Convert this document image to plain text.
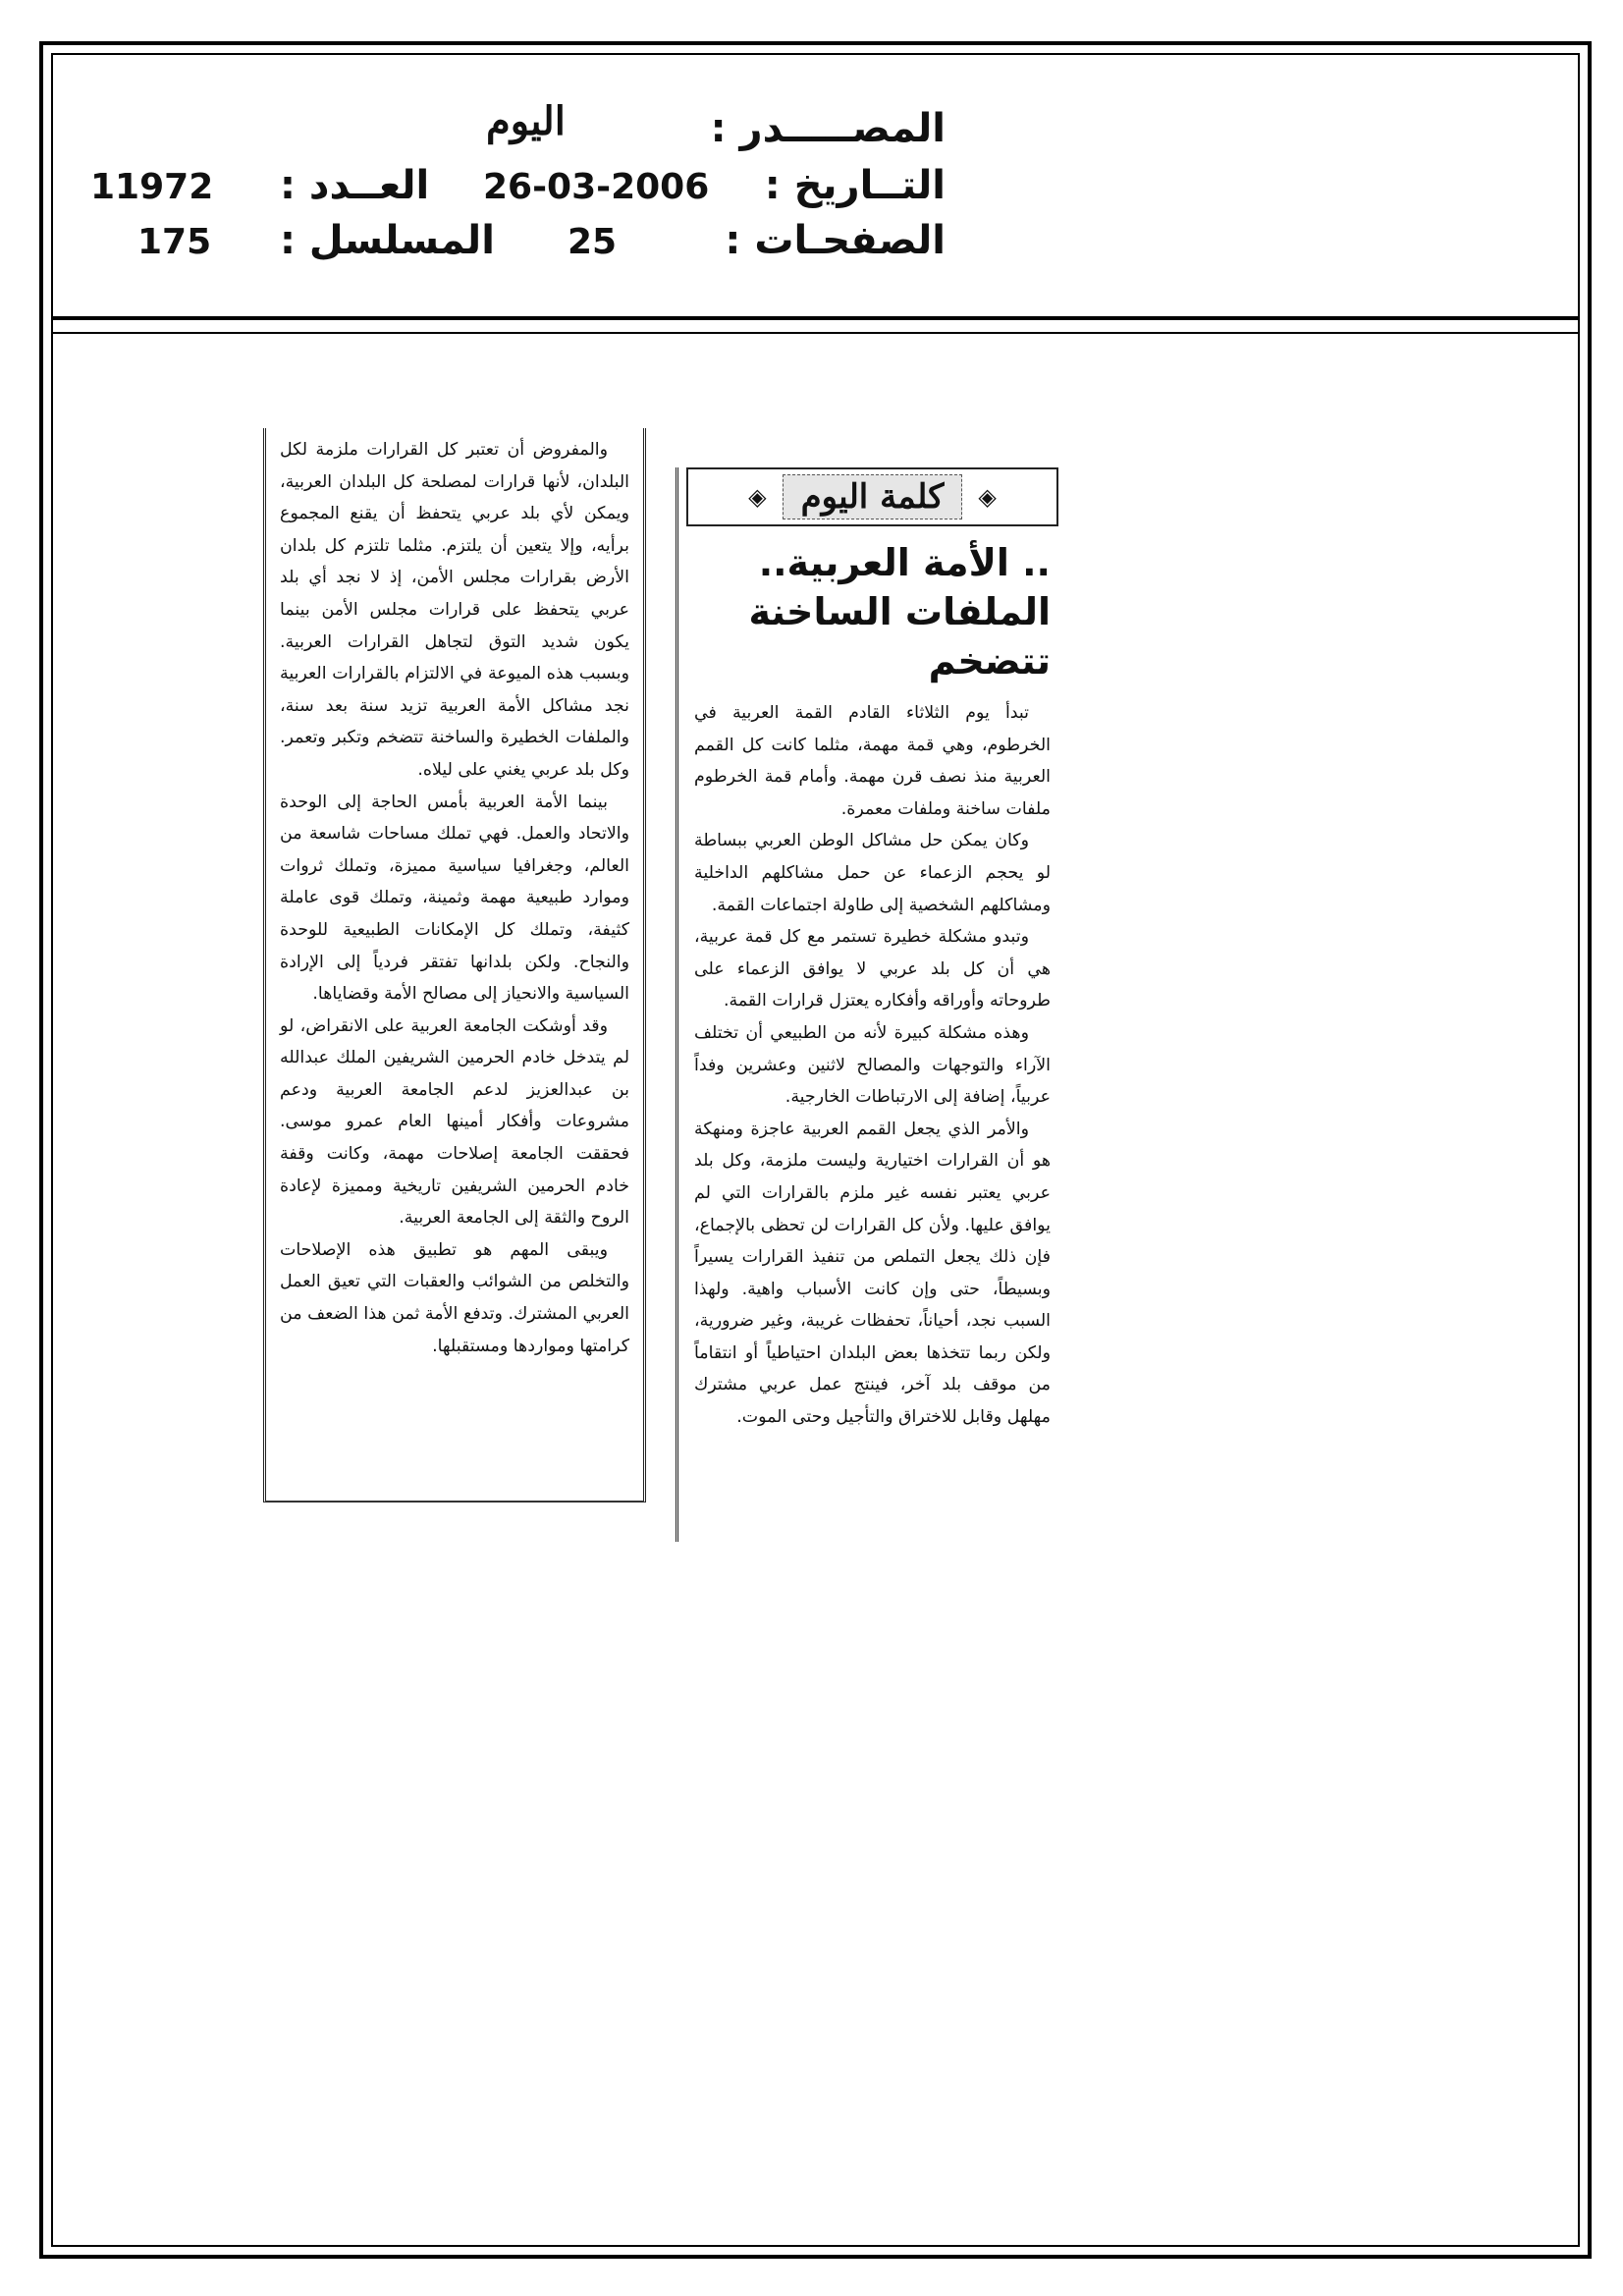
المصـــــدر :
اليوم
التــاريخ :
26-03-2006
العــدد :
11972
الصفحـات :
25
المسلسل :
175
◈	كلمة اليوم	◈
.. الأمة العربية.. الملفات الساخنة تتضخم

تبدأ يوم الثلاثاء القادم القمة العربية في الخرطوم، وهي قمة مهمة، مثلما كانت كل القمم العربية منذ نصف قرن مهمة. وأمام قمة الخرطوم ملفات ساخنة وملفات معمرة.

وكان يمكن حل مشاكل الوطن العربي ببساطة لو يحجم الزعماء عن حمل مشاكلهم الداخلية ومشاكلهم الشخصية إلى طاولة اجتماعات القمة.

وتبدو مشكلة خطيرة تستمر مع كل قمة عربية، هي أن كل بلد عربي لا يوافق الزعماء على طروحاته وأوراقه وأفكاره يعتزل قرارات القمة.

وهذه مشكلة كبيرة لأنه من الطبيعي أن تختلف الآراء والتوجهات والمصالح لاثنين وعشرين وفداً عربياً، إضافة إلى الارتباطات الخارجية.

والأمر الذي يجعل القمم العربية عاجزة ومنهكة هو أن القرارات اختيارية وليست ملزمة، وكل بلد عربي يعتبر نفسه غير ملزم بالقرارات التي لم يوافق عليها. ولأن كل القرارات لن تحظى بالإجماع، فإن ذلك يجعل التملص من تنفيذ القرارات يسيراً وبسيطاً، حتى وإن كانت الأسباب واهية. ولهذا السبب نجد، أحياناً، تحفظات غريبة، وغير ضرورية، ولكن ربما تتخذها بعض البلدان احتياطياً أو انتقاماً من موقف بلد آخر، فينتج عمل عربي مشترك مهلهل وقابل للاختراق والتأجيل وحتى الموت.

والمفروض أن تعتبر كل القرارات ملزمة لكل البلدان، لأنها قرارات لمصلحة كل البلدان العربية، ويمكن لأي بلد عربي يتحفظ أن يقنع المجموع برأيه، وإلا يتعين أن يلتزم. مثلما تلتزم كل بلدان الأرض بقرارات مجلس الأمن، إذ لا نجد أي بلد عربي يتحفظ على قرارات مجلس الأمن بينما يكون شديد التوق لتجاهل القرارات العربية. وبسبب هذه الميوعة في الالتزام بالقرارات العربية نجد مشاكل الأمة العربية تزيد سنة بعد سنة، والملفات الخطيرة والساخنة تتضخم وتكبر وتعمر. وكل بلد عربي يغني على ليلاه.

بينما الأمة العربية بأمس الحاجة إلى الوحدة والاتحاد والعمل. فهي تملك مساحات شاسعة من العالم، وجغرافيا سياسية مميزة، وتملك ثروات وموارد طبيعية مهمة وثمينة، وتملك قوى عاملة كثيفة، وتملك كل الإمكانات الطبيعية للوحدة والنجاح. ولكن بلدانها تفتقر فردياً إلى الإرادة السياسية والانحياز إلى مصالح الأمة وقضاياها.

وقد أوشكت الجامعة العربية على الانقراض، لو لم يتدخل خادم الحرمين الشريفين الملك عبدالله بن عبدالعزيز لدعم الجامعة العربية ودعم مشروعات وأفكار أمينها العام عمرو موسى. فحققت الجامعة إصلاحات مهمة، وكانت وقفة خادم الحرمين الشريفين تاريخية ومميزة لإعادة الروح والثقة إلى الجامعة العربية.

ويبقى المهم هو تطبيق هذه الإصلاحات والتخلص من الشوائب والعقبات التي تعيق العمل العربي المشترك. وتدفع الأمة ثمن هذا الضعف من كرامتها ومواردها ومستقبلها.
